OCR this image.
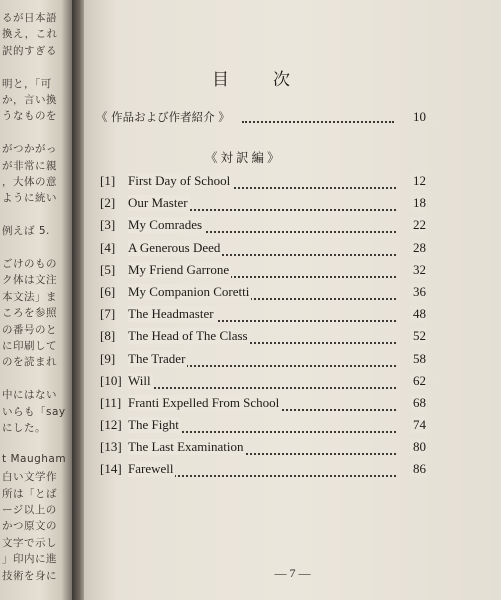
るが日本語
換え，これ
訳的すぎる
明と，「可
か，言い換
うなものを
がつかがっ
が非常に親
，大体の意
ように統い
例えば 5.
ごけのもの
ク体は文注
本文法」ま
ころを参照
の番号のと
に印刷して
のを読まれ
中にはない
いらも「say
にした。
t Maugham
白い文学作
所は「とば
ージ以上の
かつ原文の
文字で示し
」印内に進
技術を身に
目次
《 作品および作者紹介 》	10
《対訳編》
[1] First Day of School	12
[2] Our Master	18
[3] My Comrades	22
[4] A Generous Deed	28
[5] My Friend Garrone	32
[6] My Companion Coretti	36
[7] The Headmaster	48
[8] The Head of The Class	52
[9] The Trader	58
[10] Will	62
[11] Franti Expelled From School	68
[12] The Fight	74
[13] The Last Examination	80
[14] Farewell	86
— 7 —
